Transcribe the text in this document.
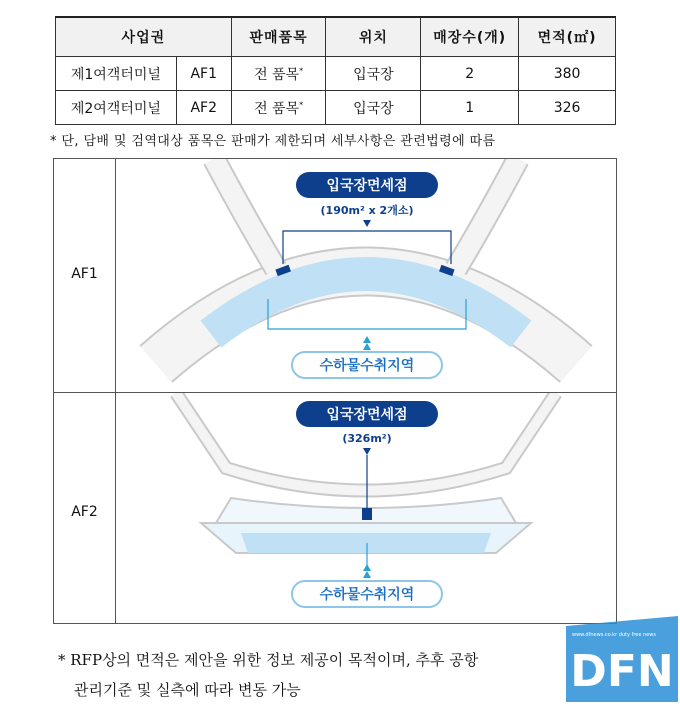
사업권		판매품목	위치	매장수(개)	면적(㎡)
제1여객터미널	AF1	전 품목*	입국장	2	380
제2여객터미널	AF2	전 품목*	입국장	1	326
* 단, 담배 및 검역대상 품목은 판매가 제한되며 세부사항은 관련법령에 따름
AF1
AF2
입국장면세점
(190m² x 2개소)
수하물수취지역
입국장면세점
(326m²)
수하물수취지역
* RFP상의 면적은 제안을 위한 정보 제공이 목적이며, 추후 공항
관리기준 및 실측에 따라 변동 가능
www.dfnews.co.kr duty free news
DFN
